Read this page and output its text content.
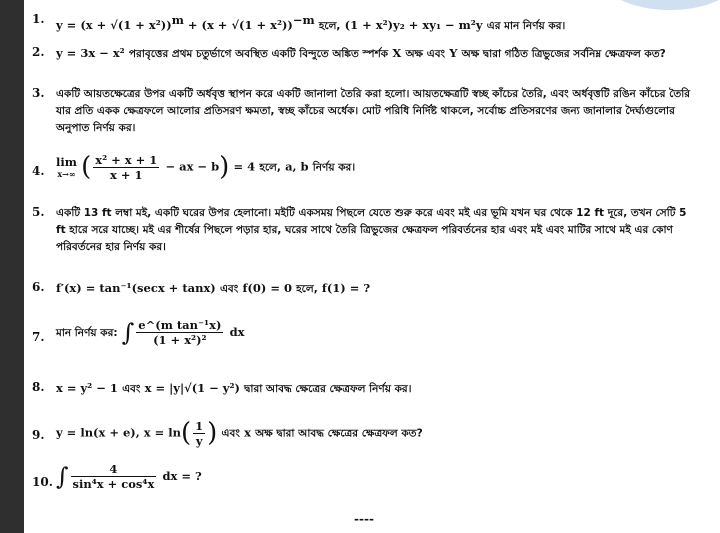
1. $y = (x + √(1 + x^2))^m + (x + √(1 + x^2))^{-m}$ হলে, (1 + x²)y₂ + xy₁ − m²y এর মান নির্ণয় কর।
2. y = 3x − x² পরাবৃত্তের প্রথম চতুর্ভাগে অবস্থিত একটি বিন্দুতে অঙ্কিত স্পর্শক X অক্ষ এবং Y অক্ষ দ্বারা গঠিত ত্রিভুজের সর্বনিম্ন ক্ষেত্রফল কত?
3. একটি আয়তক্ষেত্রের উপর একটি অর্ধবৃত্ত স্থাপন করে একটি জানালা তৈরি করা হলো। আয়তক্ষেত্রটি স্বচ্ছ কাঁচের তৈরি, এবং অর্ধবৃত্তটি রঙিন কাঁচের তৈরি যার প্রতি একক ক্ষেত্রফলে আলোর প্রতিসরণ ক্ষমতা, স্বচ্ছ কাঁচের অর্ধেক। মোট পরিধি নির্দিষ্ট থাকলে, সর্বোচ্চ প্রতিসরণের জন্য জানালার দৈর্ঘ্যগুলোর অনুপাত নির্ণয় কর।
4.
lim
x→∞ ( $\frac{\text{x² + x + 1}}{x + 1}$ − ax − b) = 4 হলে, a, b নির্ণয় কর।
5. একটি 13 ft লম্বা মই, একটি ঘরের উপর হেলানো। মইটি একসময় পিছলে যেতে শুরু করে এবং মই এর ভূমি যখন ঘর থেকে 12 ft দূরে, তখন সেটি 5 ft হারে সরে যাচ্ছে। মই এর শীর্ষের পিছলে পড়ার হার, ঘরের সাথে তৈরি ত্রিভুজের ক্ষেত্রফল পরিবর্তনের হার এবং মই এবং মাটির সাথে মই এর কোণ পরিবর্তনের হার নির্ণয় কর।
6. f′(x) = tan⁻¹(secx + tanx) এবং f(0) = 0 হলে, f(1) = ?
7. মান নির্ণয় কর: ∫ $\frac{\text{e\textasciicircum{}(m tan⁻¹x)}}{\text{(1 + x²)²}}$ dx
8. x = y² − 1 এবং x = |y|√(1 − y²) দ্বারা আবদ্ধ ক্ষেত্রের ক্ষেত্রফল নির্ণয় কর।
9. y = ln(x + e), $x = \ln( \frac{1}{y}$ ) এবং x অক্ষ দ্বারা আবদ্ধ ক্ষেত্রের ক্ষেত্রফল কত?
10. ∫ $\frac{4}{\text{sin⁴x + cos⁴x}}$ dx = ?
----
